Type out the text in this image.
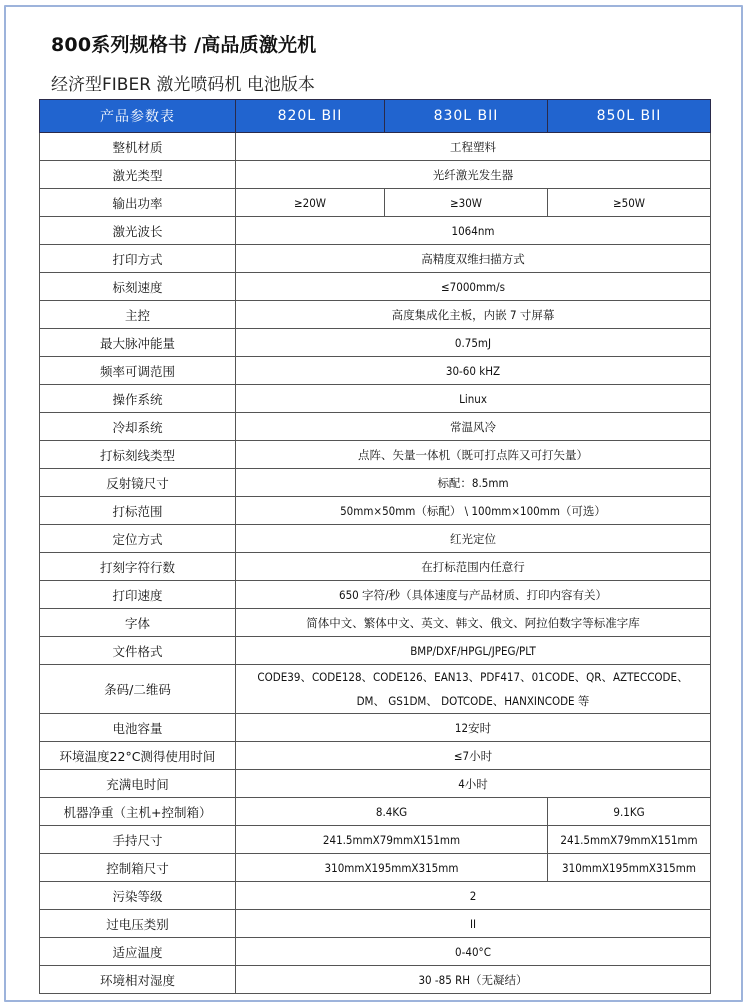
800系列规格书 /高品质激光机
经济型FIBER 激光喷码机 电池版本
产品参数表	820L BII	830L BII	850L BII
整机材质	工程塑料		
激光类型	光纤激光发生器		
输出功率	≥20W	≥30W	≥50W
激光波长	1064nm		
打印方式	高精度双维扫描方式		
标刻速度	≤7000mm/s		
主控	高度集成化主板，内嵌 7 寸屏幕		
最大脉冲能量	0.75mJ		
频率可调范围	30-60 kHZ		
操作系统	Linux		
冷却系统	常温风冷		
打标刻线类型	点阵、矢量一体机（既可打点阵又可打矢量）		
反射镜尺寸	标配：8.5mm		
打标范围	50mm×50mm（标配） \ 100mm×100mm（可选）		
定位方式	红光定位		
打刻字符行数	在打标范围内任意行		
打印速度	650 字符/秒（具体速度与产品材质、打印内容有关）		
字体	简体中文、繁体中文、英文、韩文、俄文、阿拉伯数字等标准字库		
文件格式	BMP/DXF/HPGL/JPEG/PLT		
条码/二维码	CODE39、CODE128、CODE126、EAN13、PDF417、01CODE、QR、AZTECCODE、
DM、 GS1DM、 DOTCODE、HANXINCODE 等		

电池容量	12安时		
环境温度22°C测得使用时间	≤7小时		
充满电时间	4小时		
机器净重（主机+控制箱）	8.4KG		9.1KG
手持尺寸	241.5mmX79mmX151mm		241.5mmX79mmX151mm
控制箱尺寸	310mmX195mmX315mm		310mmX195mmX315mm
污染等级	2		
过电压类别	II		
适应温度	0-40°C		
环境相对湿度	30 -85 RH（无凝结）		
